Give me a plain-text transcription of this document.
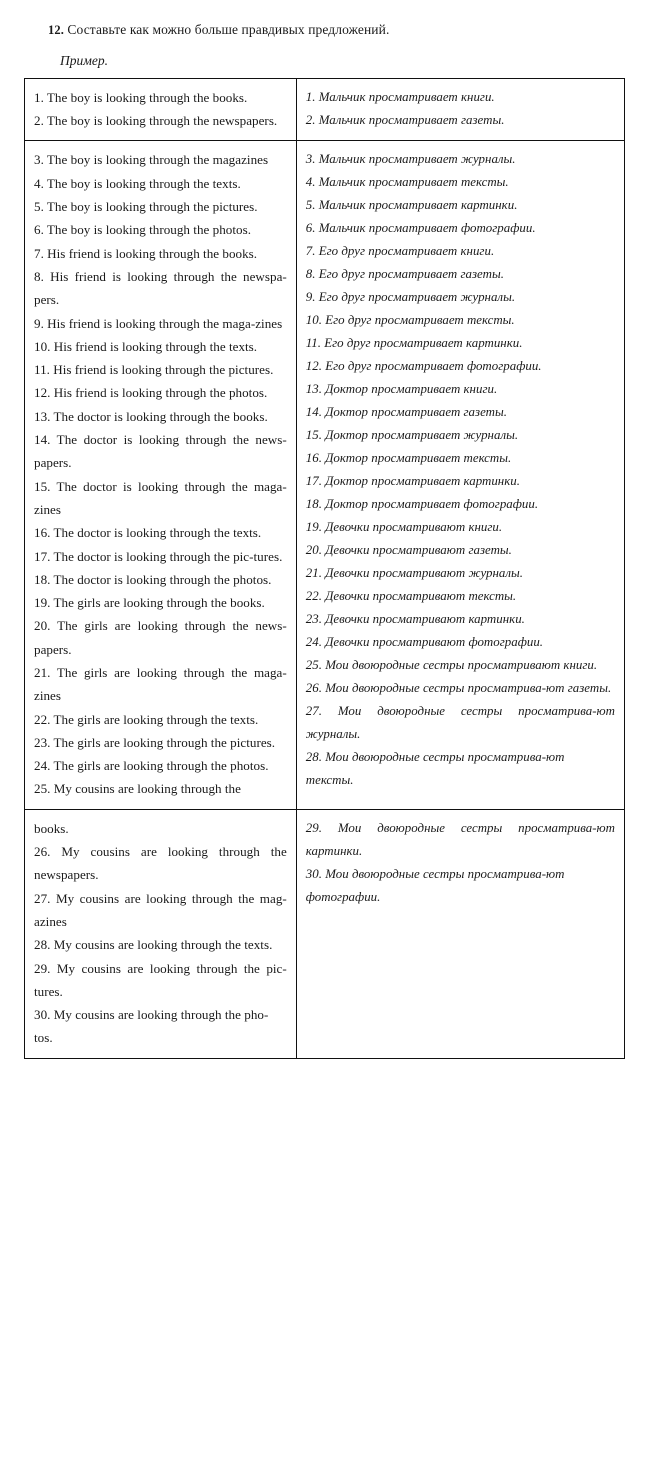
12. Составьте как можно больше правдивых предложений.
Пример.
1. The boy is looking through the books.
2. The boy is looking through the newspapers.

1. Мальчик просматривает книги.
2. Мальчик просматривает газеты.

3. The boy is looking through the magazines
4. The boy is looking through the texts.
5. The boy is looking through the pictures.
6. The boy is looking through the photos.
7. His friend is looking through the books.
8. His friend is looking through the newspa-pers.
9. His friend is looking through the maga-zines
10. His friend is looking through the texts.
11. His friend is looking through the pictures.
12. His friend is looking through the photos.
13. The doctor is looking through the books.
14. The doctor is looking through the news-papers.
15. The doctor is looking through the maga-zines
16. The doctor is looking through the texts.
17. The doctor is looking through the pic-tures.
18. The doctor is looking through the photos.
19. The girls are looking through the books.
20. The girls are looking through the news-papers.
21. The girls are looking through the maga-zines
22. The girls are looking through the texts.
23. The girls are looking through the pictures.
24. The girls are looking through the photos.
25. My cousins are looking through the

3. Мальчик просматривает журналы.
4. Мальчик просматривает тексты.
5. Мальчик просматривает картинки.
6. Мальчик просматривает фотографии.
7. Его друг просматривает книги.
8. Его друг просматривает газеты.
9. Его друг просматривает журналы.
10. Его друг просматривает тексты.
11. Его друг просматривает картинки.
12. Его друг просматривает фотографии.
13. Доктор просматривает книги.
14. Доктор просматривает газеты.
15. Доктор просматривает журналы.
16. Доктор просматривает тексты.
17. Доктор просматривает картинки.
18. Доктор просматривает фотографии.
19. Девочки просматривают книги.
20. Девочки просматривают газеты.
21. Девочки просматривают журналы.
22. Девочки просматривают тексты.
23. Девочки просматривают картинки.
24. Девочки просматривают фотографии.
25. Мои двоюродные сестры просматривают книги.
26. Мои двоюродные сестры просматрива-ют газеты.
27. Мои двоюродные сестры просматрива-ют журналы.
28. Мои двоюродные сестры просматрива-ют тексты.

books.
26. My cousins are looking through the newspapers.
27. My cousins are looking through the mag-azines
28. My cousins are looking through the texts.
29. My cousins are looking through the pic-tures.
30. My cousins are looking through the pho-tos.

29. Мои двоюродные сестры просматрива-ют картинки.
30. Мои двоюродные сестры просматрива-ют фотографии.
